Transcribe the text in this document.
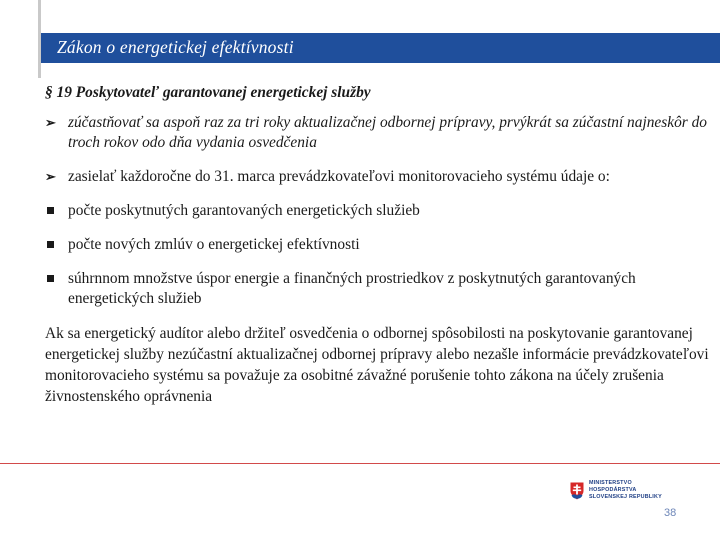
Zákon o energetickej efektívnosti
§ 19 Poskytovateľ garantovanej energetickej služby
➢ zúčastňovať sa aspoň raz za tri roky aktualizačnej odbornej prípravy, prvýkrát sa zúčastní najneskôr do troch rokov odo dňa vydania osvedčenia
➢ zasielať každoročne do 31. marca prevádzkovateľovi monitorovacieho systému údaje o:
počte poskytnutých garantovaných energetických služieb
počte nových zmlúv o energetickej efektívnosti
súhrnnom množstve úspor energie a finančných prostriedkov z poskytnutých garantovaných energetických služieb
Ak sa energetický audítor alebo držiteľ osvedčenia o odbornej spôsobilosti na poskytovanie garantovanej energetickej služby nezúčastní aktualizačnej odbornej prípravy alebo nezašle informácie prevádzkovateľovi monitorovacieho systému sa považuje za osobitné závažné porušenie tohto zákona na účely zrušenia živnostenského oprávnenia
MINISTERSTVO
HOSPODÁRSTVA
SLOVENSKEJ REPUBLIKY
38
